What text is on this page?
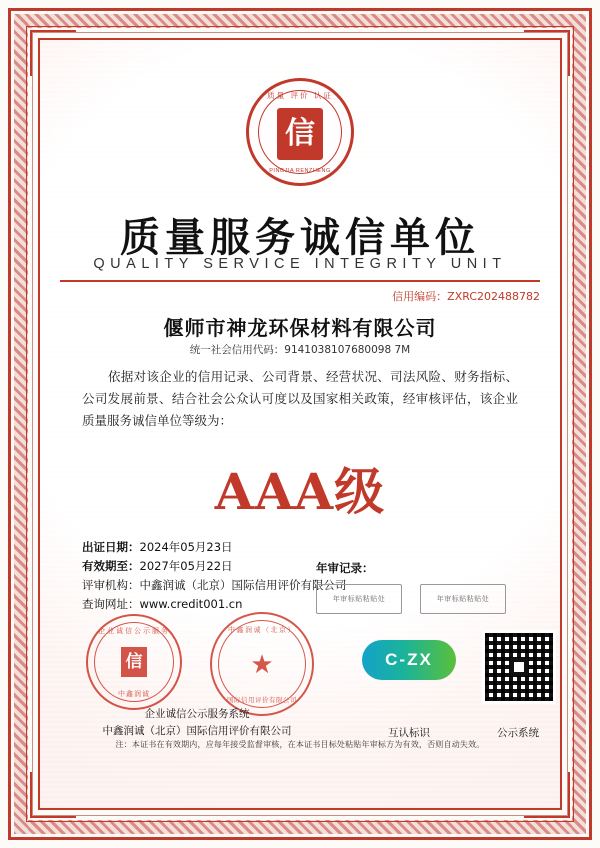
质量 评价 认证
信
PINGJIA RENZHENG
质量服务诚信单位
QUALITY SERVICE INTEGRITY UNIT
信用编码：ZXRC202488782
偃师市神龙环保材料有限公司
统一社会信用代码：9141038107680098 7M
依据对该企业的信用记录、公司背景、经营状况、司法风险、财务指标、公司发展前景、结合社会公众认可度以及国家相关政策，经审核评估，该企业质量服务诚信单位等级为：
AAA级
出证日期：2024年05月23日
有效期至：2027年05月22日
评审机构：中鑫润诚（北京）国际信用评价有限公司
查询网址：www.credit001.cn
年审记录：
年审标贴粘贴处	年审标贴粘贴处
企业诚信公示服务
信
中鑫润诚
中鑫润诚（北京）
★
国际信用评价有限公司
C-ZX
企业诚信公示服务系统
中鑫润诚（北京）国际信用评价有限公司	互认标识	公示系统
注：本证书在有效期内，应每年接受监督审核，在本证书目标处粘贴年审标方为有效，否则自动失效。
